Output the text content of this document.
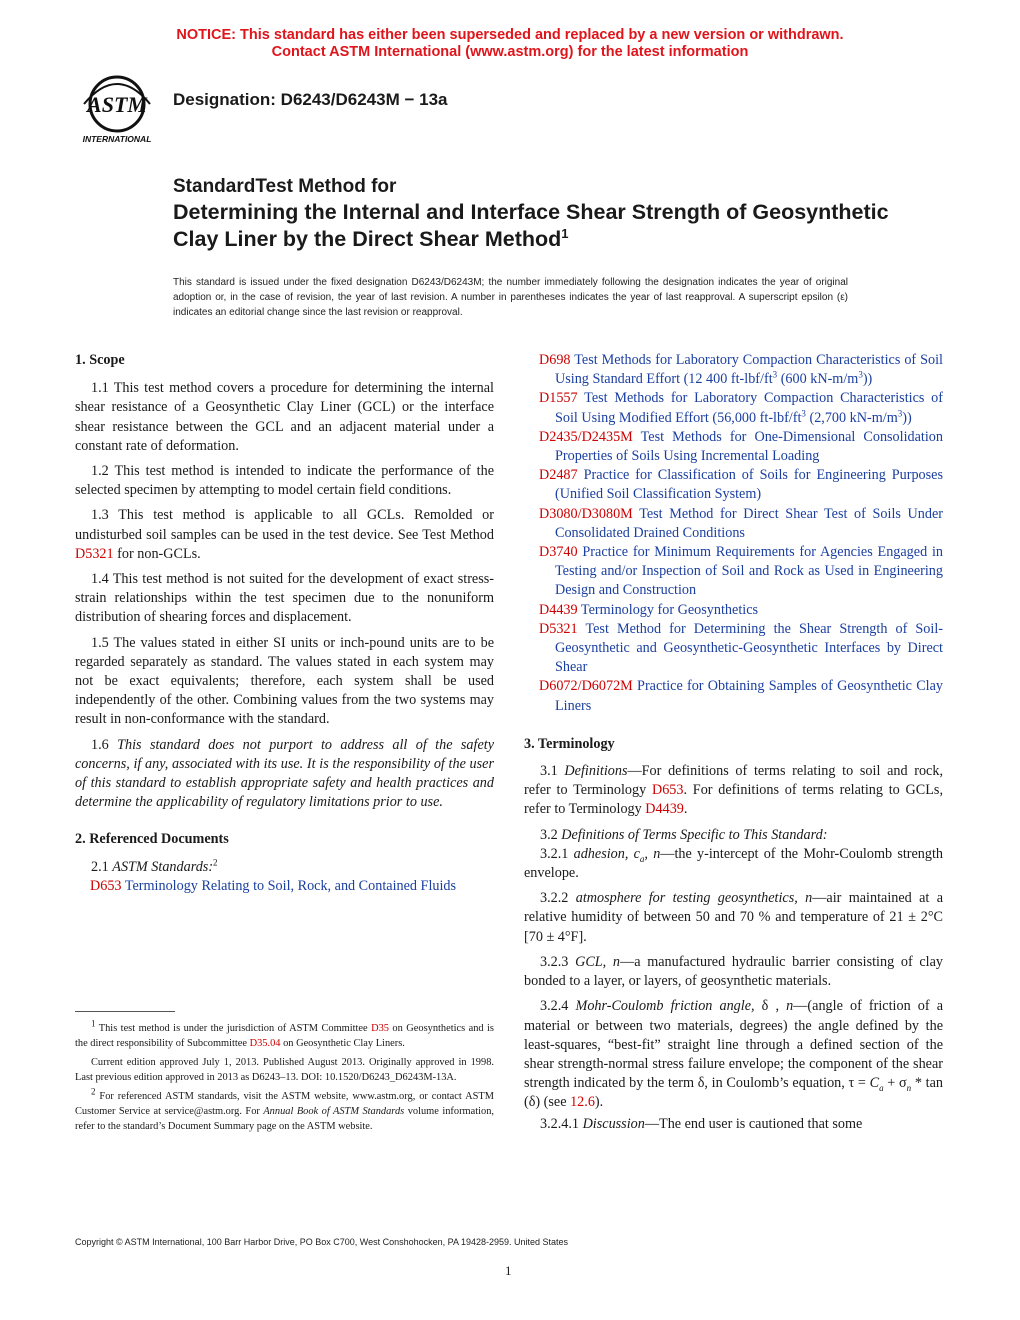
NOTICE: This standard has either been superseded and replaced by a new version or withdrawn.
Contact ASTM International (www.astm.org) for the latest information
ASTM
INTERNATIONAL
Designation: D6243/D6243M − 13a
StandardTest Method for
Determining the Internal and Interface Shear Strength of Geosynthetic Clay Liner by the Direct Shear Method$^1$
This standard is issued under the fixed designation D6243/D6243M; the number immediately following the designation indicates the year of original adoption or, in the case of revision, the year of last revision. A number in parentheses indicates the year of last reapproval. A superscript epsilon (ε) indicates an editorial change since the last revision or reapproval.

1. Scope

1.1 This test method covers a procedure for determining the internal shear resistance of a Geosynthetic Clay Liner (GCL) or the interface shear resistance between the GCL and an adjacent material under a constant rate of deformation.

1.2 This test method is intended to indicate the performance of the selected specimen by attempting to model certain field conditions.

1.3 This test method is applicable to all GCLs. Remolded or undisturbed soil samples can be used in the test device. See Test Method D5321 for non-GCLs.

1.4 This test method is not suited for the development of exact stress-strain relationships within the test specimen due to the nonuniform distribution of shearing forces and displacement.

1.5 The values stated in either SI units or inch-pound units are to be regarded separately as standard. The values stated in each system may not be exact equivalents; therefore, each system shall be used independently of the other. Combining values from the two systems may result in non-conformance with the standard.

1.6 This standard does not purport to address all of the safety concerns, if any, associated with its use. It is the responsibility of the user of this standard to establish appropriate safety and health practices and determine the applicability of regulatory limitations prior to use.

2. Referenced Documents

2.1 ASTM Standards:$^2$

D653 Terminology Relating to Soil, Rock, and Contained Fluids

$^1$ This test method is under the jurisdiction of ASTM Committee D35 on Geosynthetics and is the direct responsibility of Subcommittee D35.04 on Geosynthetic Clay Liners.

Current edition approved July 1, 2013. Published August 2013. Originally approved in 1998. Last previous edition approved in 2013 as D6243–13. DOI: 10.1520/D6243_D6243M-13A.

$^2$ For referenced ASTM standards, visit the ASTM website, www.astm.org, or contact ASTM Customer Service at service@astm.org. For Annual Book of ASTM Standards volume information, refer to the standard’s Document Summary page on the ASTM website.

D698 Test Methods for Laboratory Compaction Characteristics of Soil Using Standard Effort (12 400 $ft-lbf/ft^3$ (600 $kN-m/m^3$))

D1557 Test Methods for Laboratory Compaction Characteristics of Soil Using Modified Effort (56,000 $ft-lbf/ft^3$ (2,700 $kN-m/m^3$))

D2435/D2435M Test Methods for One-Dimensional Consolidation Properties of Soils Using Incremental Loading

D2487 Practice for Classification of Soils for Engineering Purposes (Unified Soil Classification System)

D3080/D3080M Test Method for Direct Shear Test of Soils Under Consolidated Drained Conditions

D3740 Practice for Minimum Requirements for Agencies Engaged in Testing and/or Inspection of Soil and Rock as Used in Engineering Design and Construction

D4439 Terminology for Geosynthetics

D5321 Test Method for Determining the Shear Strength of Soil-Geosynthetic and Geosynthetic-Geosynthetic Interfaces by Direct Shear

D6072/D6072M Practice for Obtaining Samples of Geosynthetic Clay Liners

3. Terminology

3.1 Definitions—For definitions of terms relating to soil and rock, refer to Terminology D653. For definitions of terms relating to GCLs, refer to Terminology D4439.

3.2 Definitions of Terms Specific to This Standard:

3.2.1 adhesion, $c_a$, n—the y-intercept of the Mohr-Coulomb strength envelope.

3.2.2 atmosphere for testing geosynthetics, n—air maintained at a relative humidity of between 50 and 70 % and temperature of 21 ± 2°C [70 ± 4°F].

3.2.3 GCL, n—a manufactured hydraulic barrier consisting of clay bonded to a layer, or layers, of geosynthetic materials.

3.2.4 Mohr-Coulomb friction angle, δ , n—(angle of friction of a material or between two materials, degrees) the angle defined by the least-squares, “best-fit” straight line through a defined section of the shear strength-normal stress failure envelope; the component of the shear strength indicated by the term δ, in Coulomb’s equation, $\tau = C_a + \sigma_n * \tan (\delta)$ (see 12.6).

3.2.4.1 Discussion—The end user is cautioned that some

Copyright © ASTM International, 100 Barr Harbor Drive, PO Box C700, West Conshohocken, PA 19428-2959. United States
1
